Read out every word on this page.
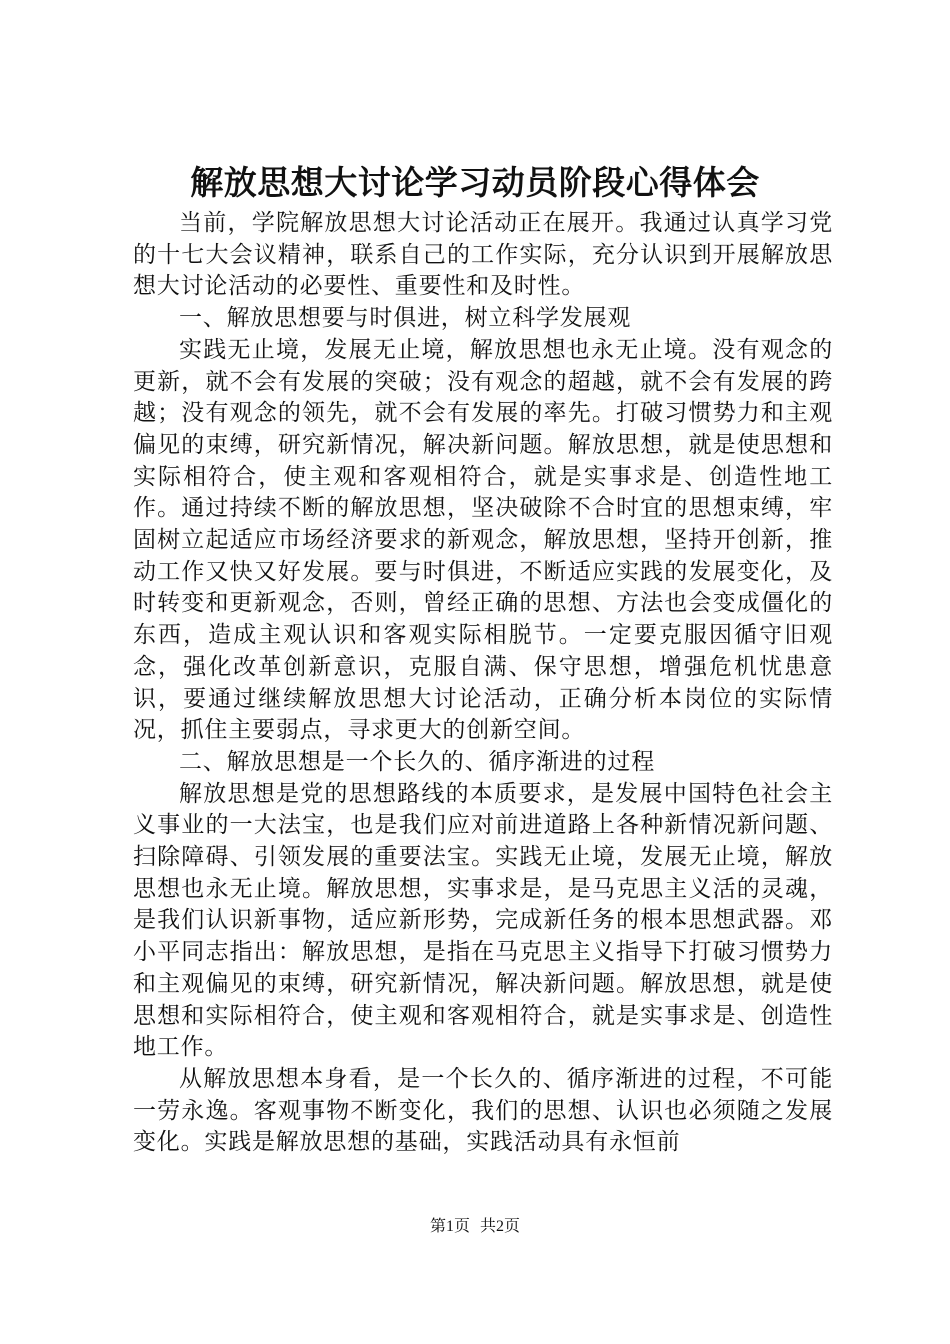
解放思想大讨论学习动员阶段心得体会

当前，学院解放思想大讨论活动正在展开。我通过认真学习党的十七大会议精神，联系自己的工作实际，充分认识到开展解放思想大讨论活动的必要性、重要性和及时性。

一、解放思想要与时俱进，树立科学发展观

实践无止境，发展无止境，解放思想也永无止境。没有观念的更新，就不会有发展的突破；没有观念的超越，就不会有发展的跨越；没有观念的领先，就不会有发展的率先。打破习惯势力和主观偏见的束缚，研究新情况，解决新问题。解放思想，就是使思想和实际相符合，使主观和客观相符合，就是实事求是、创造性地工作。通过持续不断的解放思想，坚决破除不合时宜的思想束缚，牢固树立起适应市场经济要求的新观念，解放思想，坚持开创新，推动工作又快又好发展。要与时俱进，不断适应实践的发展变化，及时转变和更新观念，否则，曾经正确的思想、方法也会变成僵化的东西，造成主观认识和客观实际相脱节。一定要克服因循守旧观念，强化改革创新意识，克服自满、保守思想，增强危机忧患意识，要通过继续解放思想大讨论活动，正确分析本岗位的实际情况，抓住主要弱点，寻求更大的创新空间。

二、解放思想是一个长久的、循序渐进的过程

解放思想是党的思想路线的本质要求，是发展中国特色社会主义事业的一大法宝，也是我们应对前进道路上各种新情况新问题、扫除障碍、引领发展的重要法宝。实践无止境，发展无止境，解放思想也永无止境。解放思想，实事求是，是马克思主义活的灵魂，是我们认识新事物，适应新形势，完成新任务的根本思想武器。邓小平同志指出：解放思想，是指在马克思主义指导下打破习惯势力和主观偏见的束缚，研究新情况，解决新问题。解放思想，就是使思想和实际相符合，使主观和客观相符合，就是实事求是、创造性地工作。

从解放思想本身看，是一个长久的、循序渐进的过程，不可能一劳永逸。客观事物不断变化，我们的思想、认识也必须随之发展变化。实践是解放思想的基础，实践活动具有永恒前

第1页 共2页
